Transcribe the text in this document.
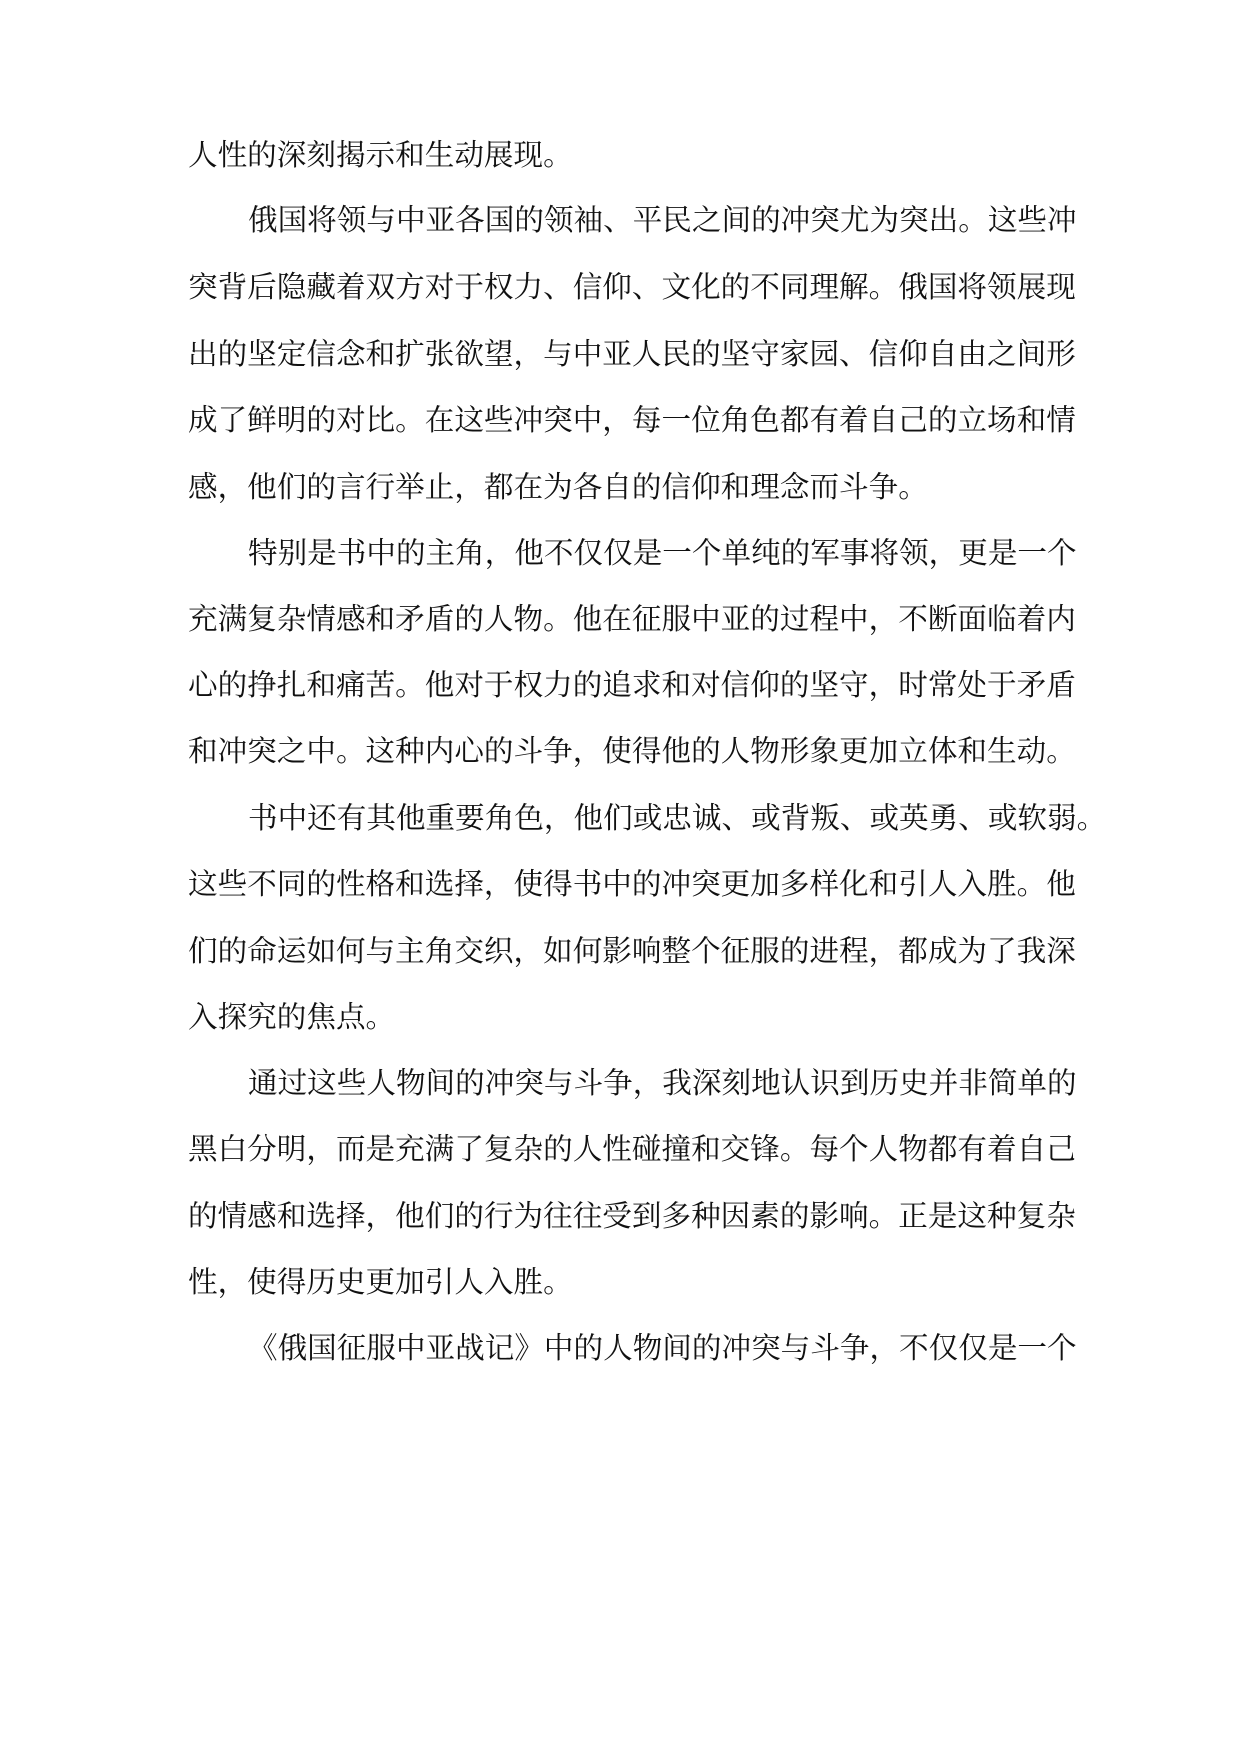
人性的深刻揭示和生动展现。
俄国将领与中亚各国的领袖、平民之间的冲突尤为突出。这些冲
突背后隐藏着双方对于权力、信仰、文化的不同理解。俄国将领展现
出的坚定信念和扩张欲望，与中亚人民的坚守家园、信仰自由之间形
成了鲜明的对比。在这些冲突中，每一位角色都有着自己的立场和情
感，他们的言行举止，都在为各自的信仰和理念而斗争。
特别是书中的主角，他不仅仅是一个单纯的军事将领，更是一个
充满复杂情感和矛盾的人物。他在征服中亚的过程中，不断面临着内
心的挣扎和痛苦。他对于权力的追求和对信仰的坚守，时常处于矛盾
和冲突之中。这种内心的斗争，使得他的人物形象更加立体和生动。
书中还有其他重要角色，他们或忠诚、或背叛、或英勇、或软弱。
这些不同的性格和选择，使得书中的冲突更加多样化和引人入胜。他
们的命运如何与主角交织，如何影响整个征服的进程，都成为了我深
入探究的焦点。
通过这些人物间的冲突与斗争，我深刻地认识到历史并非简单的
黑白分明，而是充满了复杂的人性碰撞和交锋。每个人物都有着自己
的情感和选择，他们的行为往往受到多种因素的影响。正是这种复杂
性，使得历史更加引人入胜。
《俄国征服中亚战记》中的人物间的冲突与斗争，不仅仅是一个
